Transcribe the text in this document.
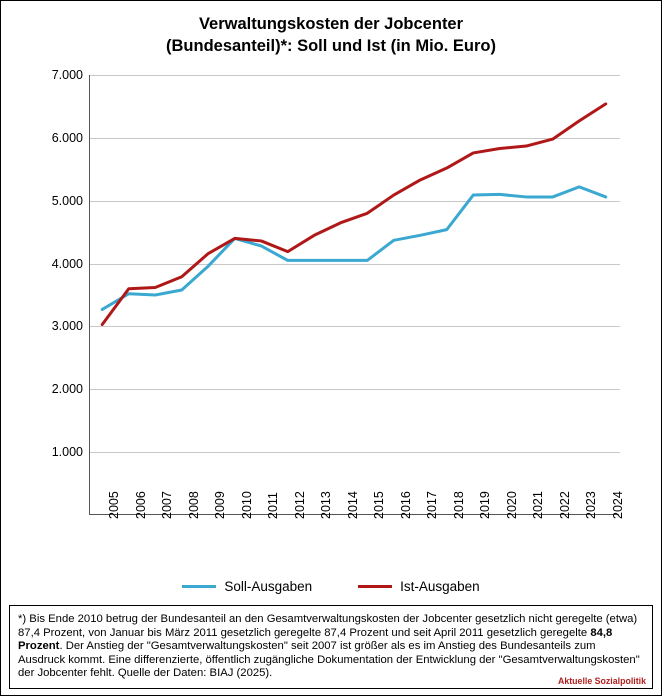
Verwaltungskosten der Jobcenter
(Bundesanteil)*: Soll und Ist (in Mio. Euro)
1.000
2.000
3.000
4.000
5.000
6.000
7.000
2005 2006 2007 2008 2009 2010 2011 2012 2013 2014 2015 2016 2017 2018 2019 2020 2021 2022 2023 2024
Soll-Ausgaben	Ist-Ausgaben
*) Bis Ende 2010 betrug der Bundesanteil an den Gesamtverwaltungskosten der Jobcenter gesetzlich nicht geregelte (etwa) 87,4 Prozent, von Januar bis März 2011 gesetzlich geregelte 87,4 Prozent und seit April 2011 gesetzlich geregelte 84,8 Prozent. Der Anstieg der "Gesamtverwaltungskosten" seit 2007 ist größer als es im Anstieg des Bundesanteils zum Ausdruck kommt. Eine differenzierte, öffentlich zugängliche Dokumentation der Entwicklung der "Gesamtverwaltungskosten" der Jobcenter fehlt. Quelle der Daten: BIAJ (2025).
Aktuelle Sozialpolitik
